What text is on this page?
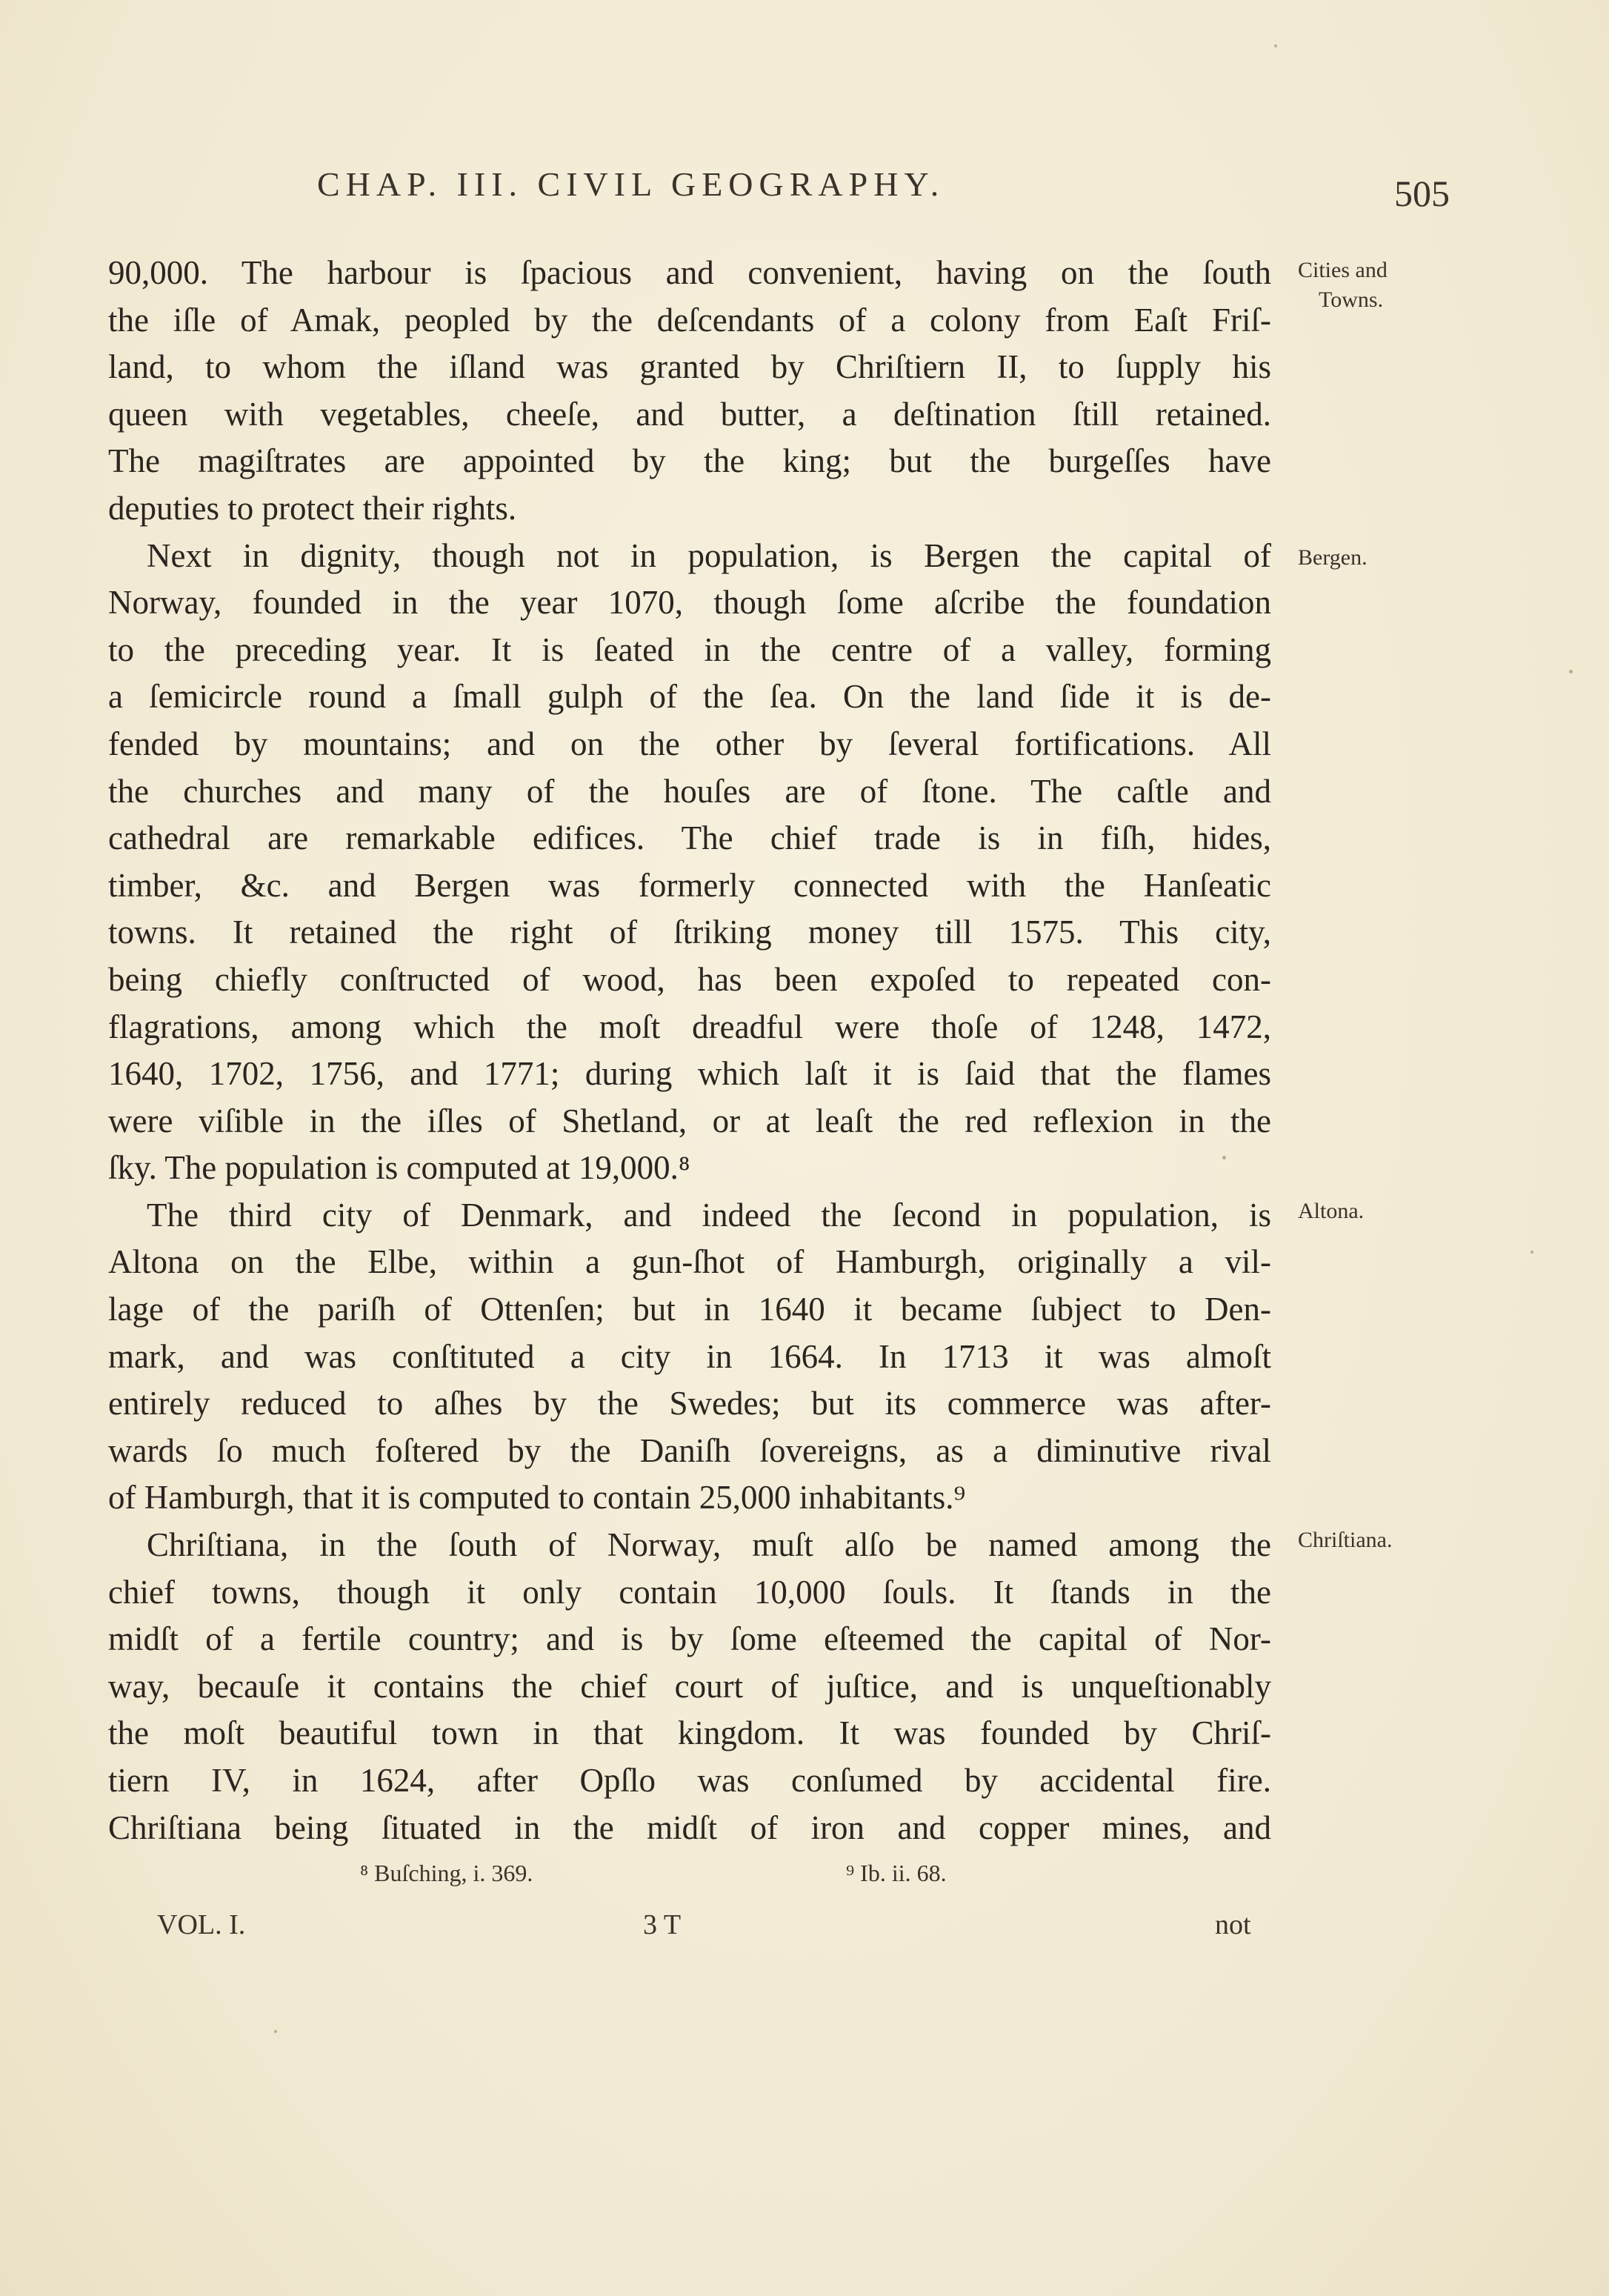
CHAP. III. CIVIL GEOGRAPHY.	505
90,000. The harbour is ſpacious and convenient, having on the ſouth
the iſle of Amak, peopled by the deſcendants of a colony from Eaſt Friſ-
land, to whom the iſland was granted by Chriſtiern II, to ſupply his
queen with vegetables, cheeſe, and butter, a deſtination ſtill retained.
The magiſtrates are appointed by the king; but the burgeſſes have
deputies to protect their rights.
Next in dignity, though not in population, is Bergen the capital of
Norway, founded in the year 1070, though ſome aſcribe the foundation
to the preceding year. It is ſeated in the centre of a valley, forming
a ſemicircle round a ſmall gulph of the ſea. On the land ſide it is de-
fended by mountains; and on the other by ſeveral fortifications. All
the churches and many of the houſes are of ſtone. The caſtle and
cathedral are remarkable edifices. The chief trade is in fiſh, hides,
timber, &c. and Bergen was formerly connected with the Hanſeatic
towns. It retained the right of ſtriking money till 1575. This city,
being chiefly conſtructed of wood, has been expoſed to repeated con-
flagrations, among which the moſt dreadful were thoſe of 1248, 1472,
1640, 1702, 1756, and 1771; during which laſt it is ſaid that the flames
were viſible in the iſles of Shetland, or at leaſt the red reflexion in the
ſky. The population is computed at 19,000.⁸
The third city of Denmark, and indeed the ſecond in population, is
Altona on the Elbe, within a gun-ſhot of Hamburgh, originally a vil-
lage of the pariſh of Ottenſen; but in 1640 it became ſubject to Den-
mark, and was conſtituted a city in 1664. In 1713 it was almoſt
entirely reduced to aſhes by the Swedes; but its commerce was after-
wards ſo much foſtered by the Daniſh ſovereigns, as a diminutive rival
of Hamburgh, that it is computed to contain 25,000 inhabitants.⁹
Chriſtiana, in the ſouth of Norway, muſt alſo be named among the
chief towns, though it only contain 10,000 ſouls. It ſtands in the
midſt of a fertile country; and is by ſome eſteemed the capital of Nor-
way, becauſe it contains the chief court of juſtice, and is unqueſtionably
the moſt beautiful town in that kingdom. It was founded by Chriſ-
tiern IV, in 1624, after Opſlo was conſumed by accidental fire.
Chriſtiana being ſituated in the midſt of iron and copper mines, and
Cities and
Towns.
Bergen.
Altona.
Chriſtiana.
⁸ Buſching, i. 369.	⁹ Ib. ii. 68.
VOL. I.	3 T	not
